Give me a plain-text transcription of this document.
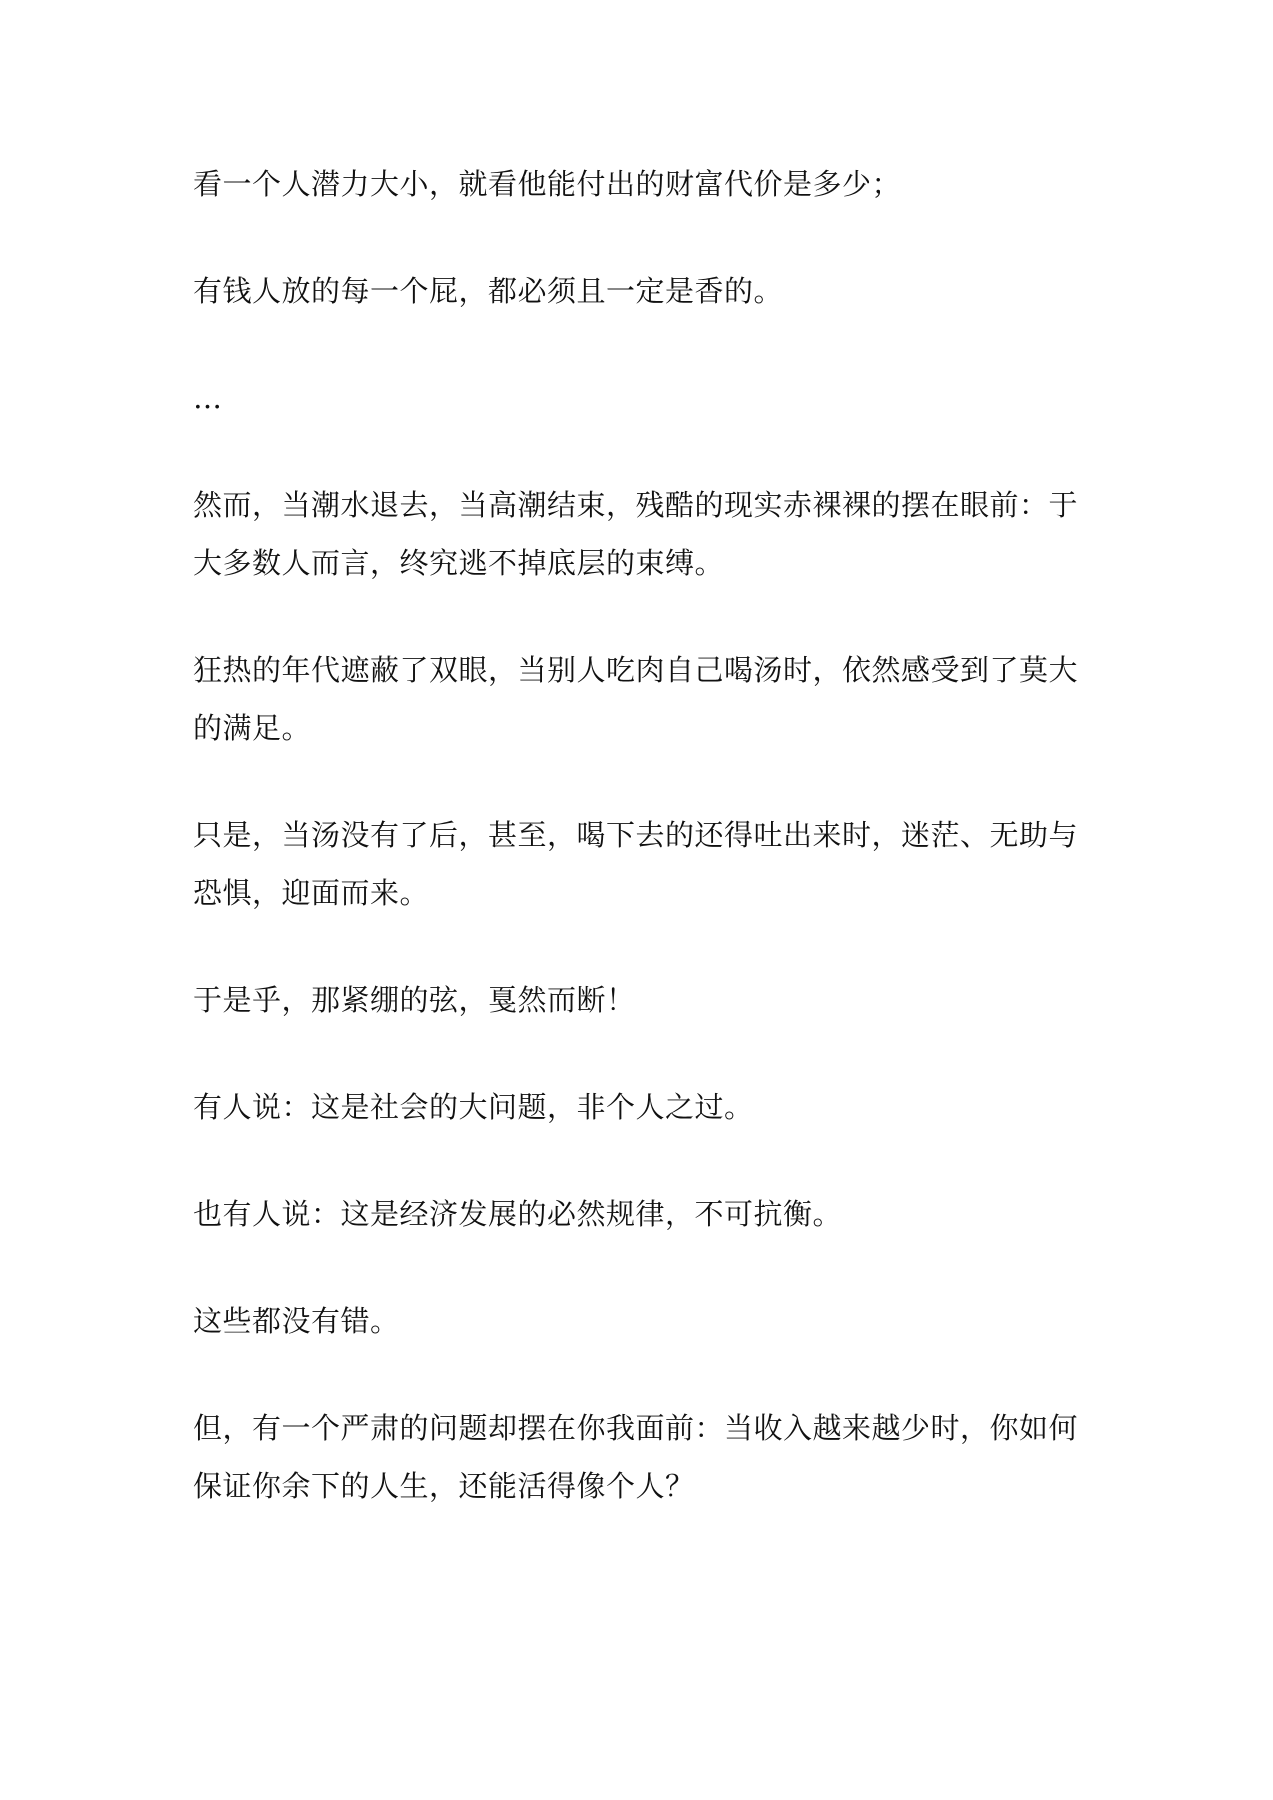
看一个人潜力大小，就看他能付出的财富代价是多少；

有钱人放的每一个屁，都必须且一定是香的。

…

然而，当潮水退去，当高潮结束，残酷的现实赤裸裸的摆在眼前：于大多数人而言，终究逃不掉底层的束缚。

狂热的年代遮蔽了双眼，当别人吃肉自己喝汤时，依然感受到了莫大的满足。

只是，当汤没有了后，甚至，喝下去的还得吐出来时，迷茫、无助与恐惧，迎面而来。

于是乎，那紧绷的弦，戛然而断！

有人说：这是社会的大问题，非个人之过。

也有人说：这是经济发展的必然规律，不可抗衡。

这些都没有错。

但，有一个严肃的问题却摆在你我面前：当收入越来越少时，你如何保证你余下的人生，还能活得像个人？
